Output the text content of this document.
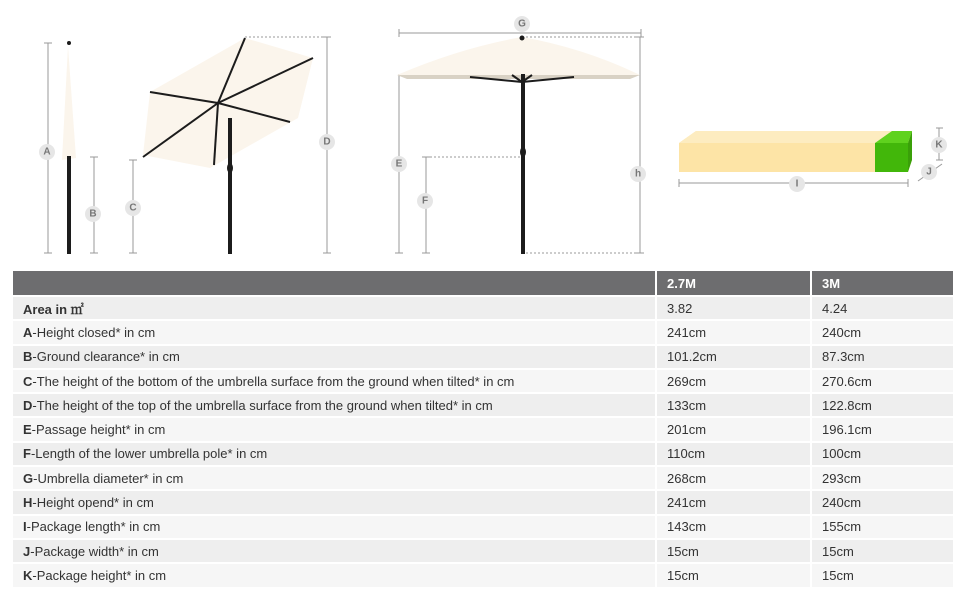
A
B
C
D
G
E
F
h
I
K
J
	2.7M	3M
Area in ㎡	3.82	4.24
A-Height closed* in cm	241cm	240cm
B-Ground clearance* in cm	101.2cm	87.3cm
C-The height of the bottom of the umbrella surface from the ground when tilted* in cm	269cm	270.6cm
D-The height of the top of the umbrella surface from the ground when tilted* in cm	133cm	122.8cm
E-Passage height* in cm	201cm	196.1cm
F-Length of the lower umbrella pole* in cm	110cm	100cm
G-Umbrella diameter* in cm	268cm	293cm
H-Height opend* in cm	241cm	240cm
I-Package length* in cm	143cm	155cm
J-Package width* in cm	15cm	15cm
K-Package height* in cm	15cm	15cm
